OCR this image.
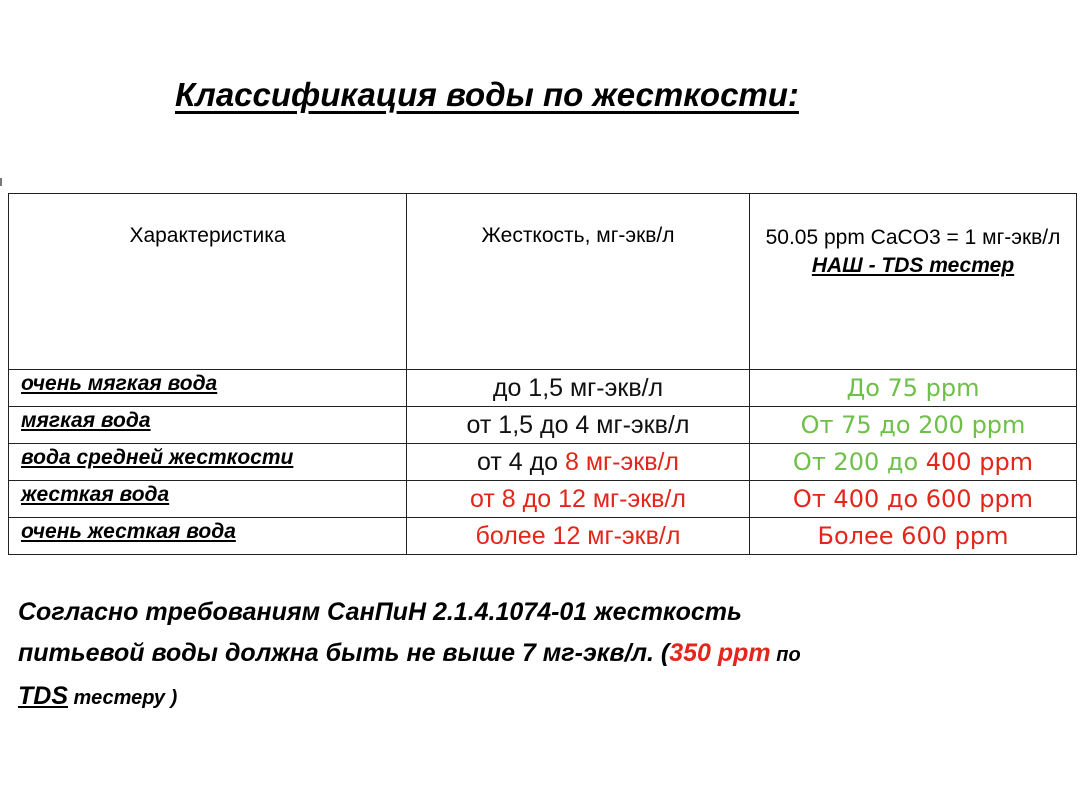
Классификация воды по жесткости:
Характеристика	Жесткость, мг-экв/л	50.05 ppm CaCO3 = 1 мг-экв/л
НАШ - TDS тестер

очень мягкая вода	до 1,5 мг-экв/л	До 75 ppm
мягкая вода	от 1,5 до 4 мг-экв/л	От 75 до 200 ppm
вода средней жесткости	от 4 до 8 мг-экв/л	От 200 до 400 ppm
жесткая вода	от 8 до 12 мг-экв/л	От 400 до 600 ppm
очень жесткая вода	более 12 мг-экв/л	Более 600 ppm
Согласно требованиям СанПиН 2.1.4.1074-01 жесткость
питьевой воды должна быть не выше 7 мг-экв/л. (350 ppm по
TDS тестеру )
